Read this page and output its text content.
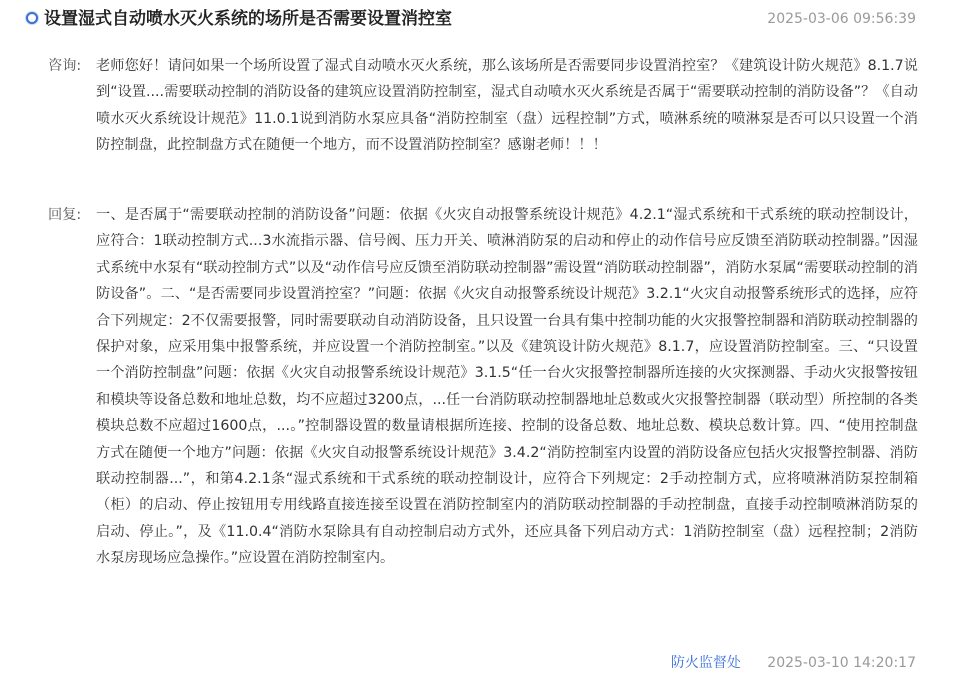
设置湿式自动喷水灭火系统的场所是否需要设置消控室	2025-03-06 09:56:39
咨询:	老师您好！请问如果一个场所设置了湿式自动喷水灭火系统，那么该场所是否需要同步设置消控室？《建筑设计防火规范》8.1.7说到“设置....需要联动控制的消防设备的建筑应设置消防控制室，湿式自动喷水灭火系统是否属于“需要联动控制的消防设备”？《自动喷水灭火系统设计规范》11.0.1说到消防水泵应具备“消防控制室（盘）远程控制”方式，喷淋系统的喷淋泵是否可以只设置一个消防控制盘，此控制盘方式在随便一个地方，而不设置消防控制室？感谢老师！！！
回复:	一、是否属于“需要联动控制的消防设备”问题：依据《火灾自动报警系统设计规范》4.2.1“湿式系统和干式系统的联动控制设计，应符合：1联动控制方式...3水流指示器、信号阀、压力开关、喷淋消防泵的启动和停止的动作信号应反馈至消防联动控制器。”因湿式系统中水泵有“联动控制方式”以及“动作信号应反馈至消防联动控制器”需设置“消防联动控制器”，消防水泵属“需要联动控制的消防设备”。二、“是否需要同步设置消控室？”问题：依据《火灾自动报警系统设计规范》3.2.1“火灾自动报警系统形式的选择，应符合下列规定：2不仅需要报警，同时需要联动自动消防设备，且只设置一台具有集中控制功能的火灾报警控制器和消防联动控制器的保护对象，应采用集中报警系统，并应设置一个消防控制室。”以及《建筑设计防火规范》8.1.7，应设置消防控制室。三、“只设置一个消防控制盘”问题：依据《火灾自动报警系统设计规范》3.1.5“任一台火灾报警控制器所连接的火灾探测器、手动火灾报警按钮和模块等设备总数和地址总数，均不应超过3200点，...任一台消防联动控制器地址总数或火灾报警控制器（联动型）所控制的各类模块总数不应超过1600点，...。”控制器设置的数量请根据所连接、控制的设备总数、地址总数、模块总数计算。四、“使用控制盘方式在随便一个地方”问题：依据《火灾自动报警系统设计规范》3.4.2“消防控制室内设置的消防设备应包括火灾报警控制器、消防联动控制器...”，和第4.2.1条“湿式系统和干式系统的联动控制设计，应符合下列规定：2手动控制方式，应将喷淋消防泵控制箱（柜）的启动、停止按钮用专用线路直接连接至设置在消防控制室内的消防联动控制器的手动控制盘，直接手动控制喷淋消防泵的启动、停止。”，及《11.0.4“消防水泵除具有自动控制启动方式外，还应具备下列启动方式：1消防控制室（盘）远程控制；2消防水泵房现场应急操作。”应设置在消防控制室内。
防火监督处 2025-03-10 14:20:17
